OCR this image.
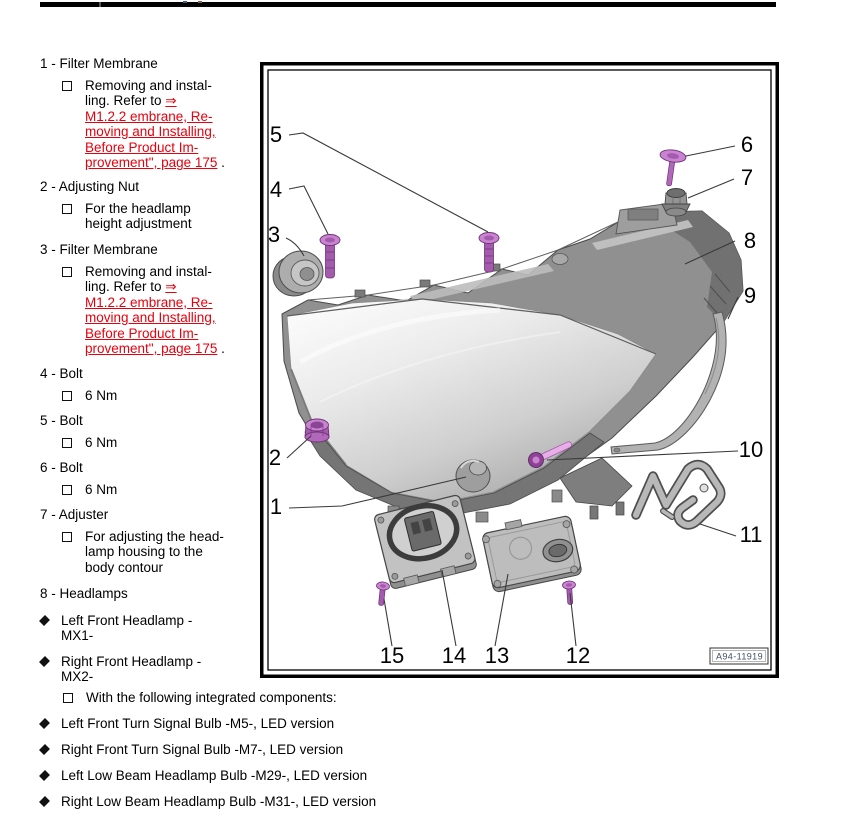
1 - Filter Membrane
Removing and instal-
ling. Refer to ⇒
M1.2.2 embrane, Re-
moving and Installing,
Before Product Im-
provement", page 175 .
2 - Adjusting Nut
For the headlamp
height adjustment
3 - Filter Membrane
Removing and instal-
ling. Refer to ⇒
M1.2.2 embrane, Re-
moving and Installing,
Before Product Im-
provement", page 175 .
4 - Bolt
6 Nm
5 - Bolt
6 Nm
6 - Bolt
6 Nm
7 - Adjuster
For adjusting the head-
lamp housing to the
body contour
8 - Headlamps
Left Front Headlamp -
MX1-
Right Front Headlamp -
MX2-
With the following integrated components:
Left Front Turn Signal Bulb -M5-, LED version
Right Front Turn Signal Bulb -M7-, LED version
Left Low Beam Headlamp Bulb -M29-, LED version
Right Low Beam Headlamp Bulb -M31-, LED version
5
4
3
6
7
8
9
2
1
10
11
15 14 13	12	A94-11919
